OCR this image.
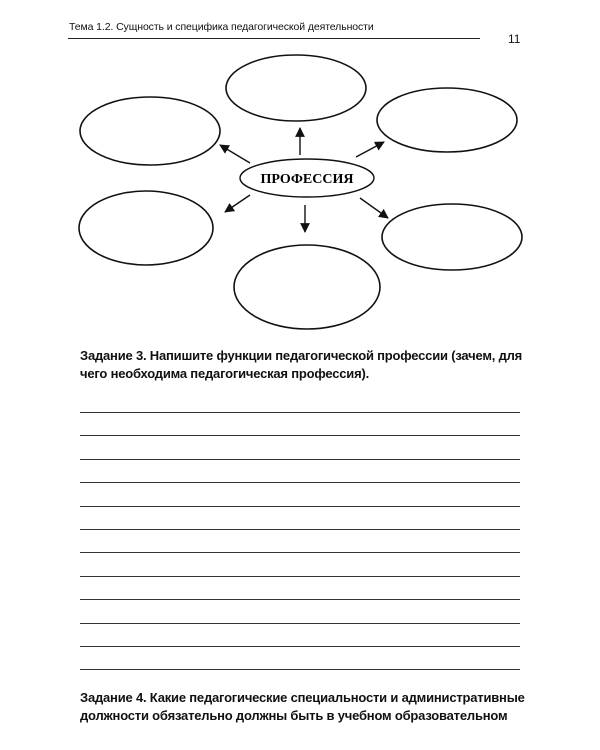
Тема 1.2. Сущность и специфика педагогической деятельности
11
ПРОФЕССИЯ
Задание 3. Напишите функции педагогической профессии (зачем, для чего необходима педагогическая профессия).
Задание 4. Какие педагогические специальности и административные должности обязательно должны быть в учебном образовательном
